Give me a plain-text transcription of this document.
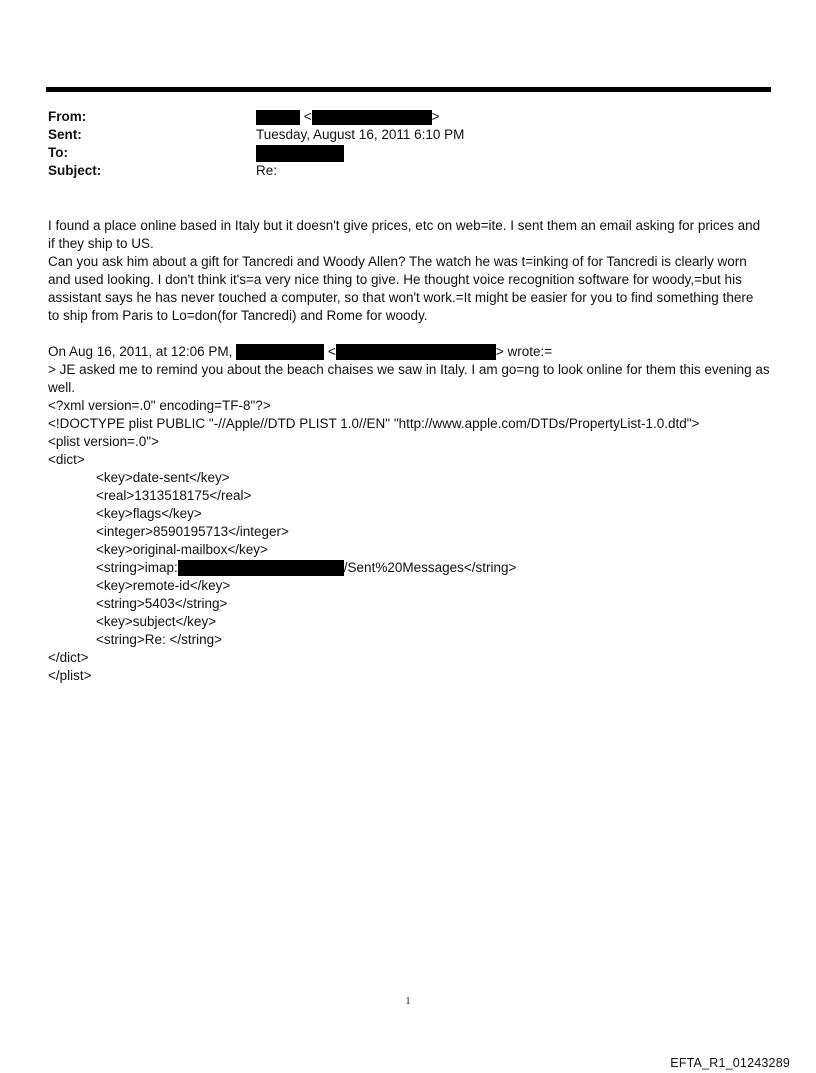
From:	<	>
Sent:	Tuesday, August 16, 2011 6:10 PM
To:
Subject:	Re:

I found a place online based in Italy but it doesn't give prices, etc on web=ite. I sent them an email asking for prices and

if they ship to US.

Can you ask him about a gift for Tancredi and Woody Allen? The watch he was t=inking of for Tancredi is clearly worn

and used looking. I don't think it's=a very nice thing to give. He thought voice recognition software for woody,=but his

assistant says he has never touched a computer, so that won't work.=It might be easier for you to find something there

to ship from Paris to Lo=don(for Tancredi) and Rome for woody.

On Aug 16, 2011, at 12:06 PM,	<	> wrote:=

> JE asked me to remind you about the beach chaises we saw in Italy. I am go=ng to look online for them this evening as

well.

<?xml version=.0" encoding=TF-8"?>

<!DOCTYPE plist PUBLIC "-//Apple//DTD PLIST 1.0//EN" "http://www.apple.com/DTDs/PropertyList-1.0.dtd">

<plist version=.0">

<dict>

<key>date-sent</key>

<real>1313518175</real>

<key>flags</key>

<integer>8590195713</integer>

<key>original-mailbox</key>

<string>imap:	/Sent%20Messages</string>

<key>remote-id</key>

<string>5403</string>

<key>subject</key>

<string>Re: </string>

</dict>

</plist>

1
EFTA_R1_01243289
